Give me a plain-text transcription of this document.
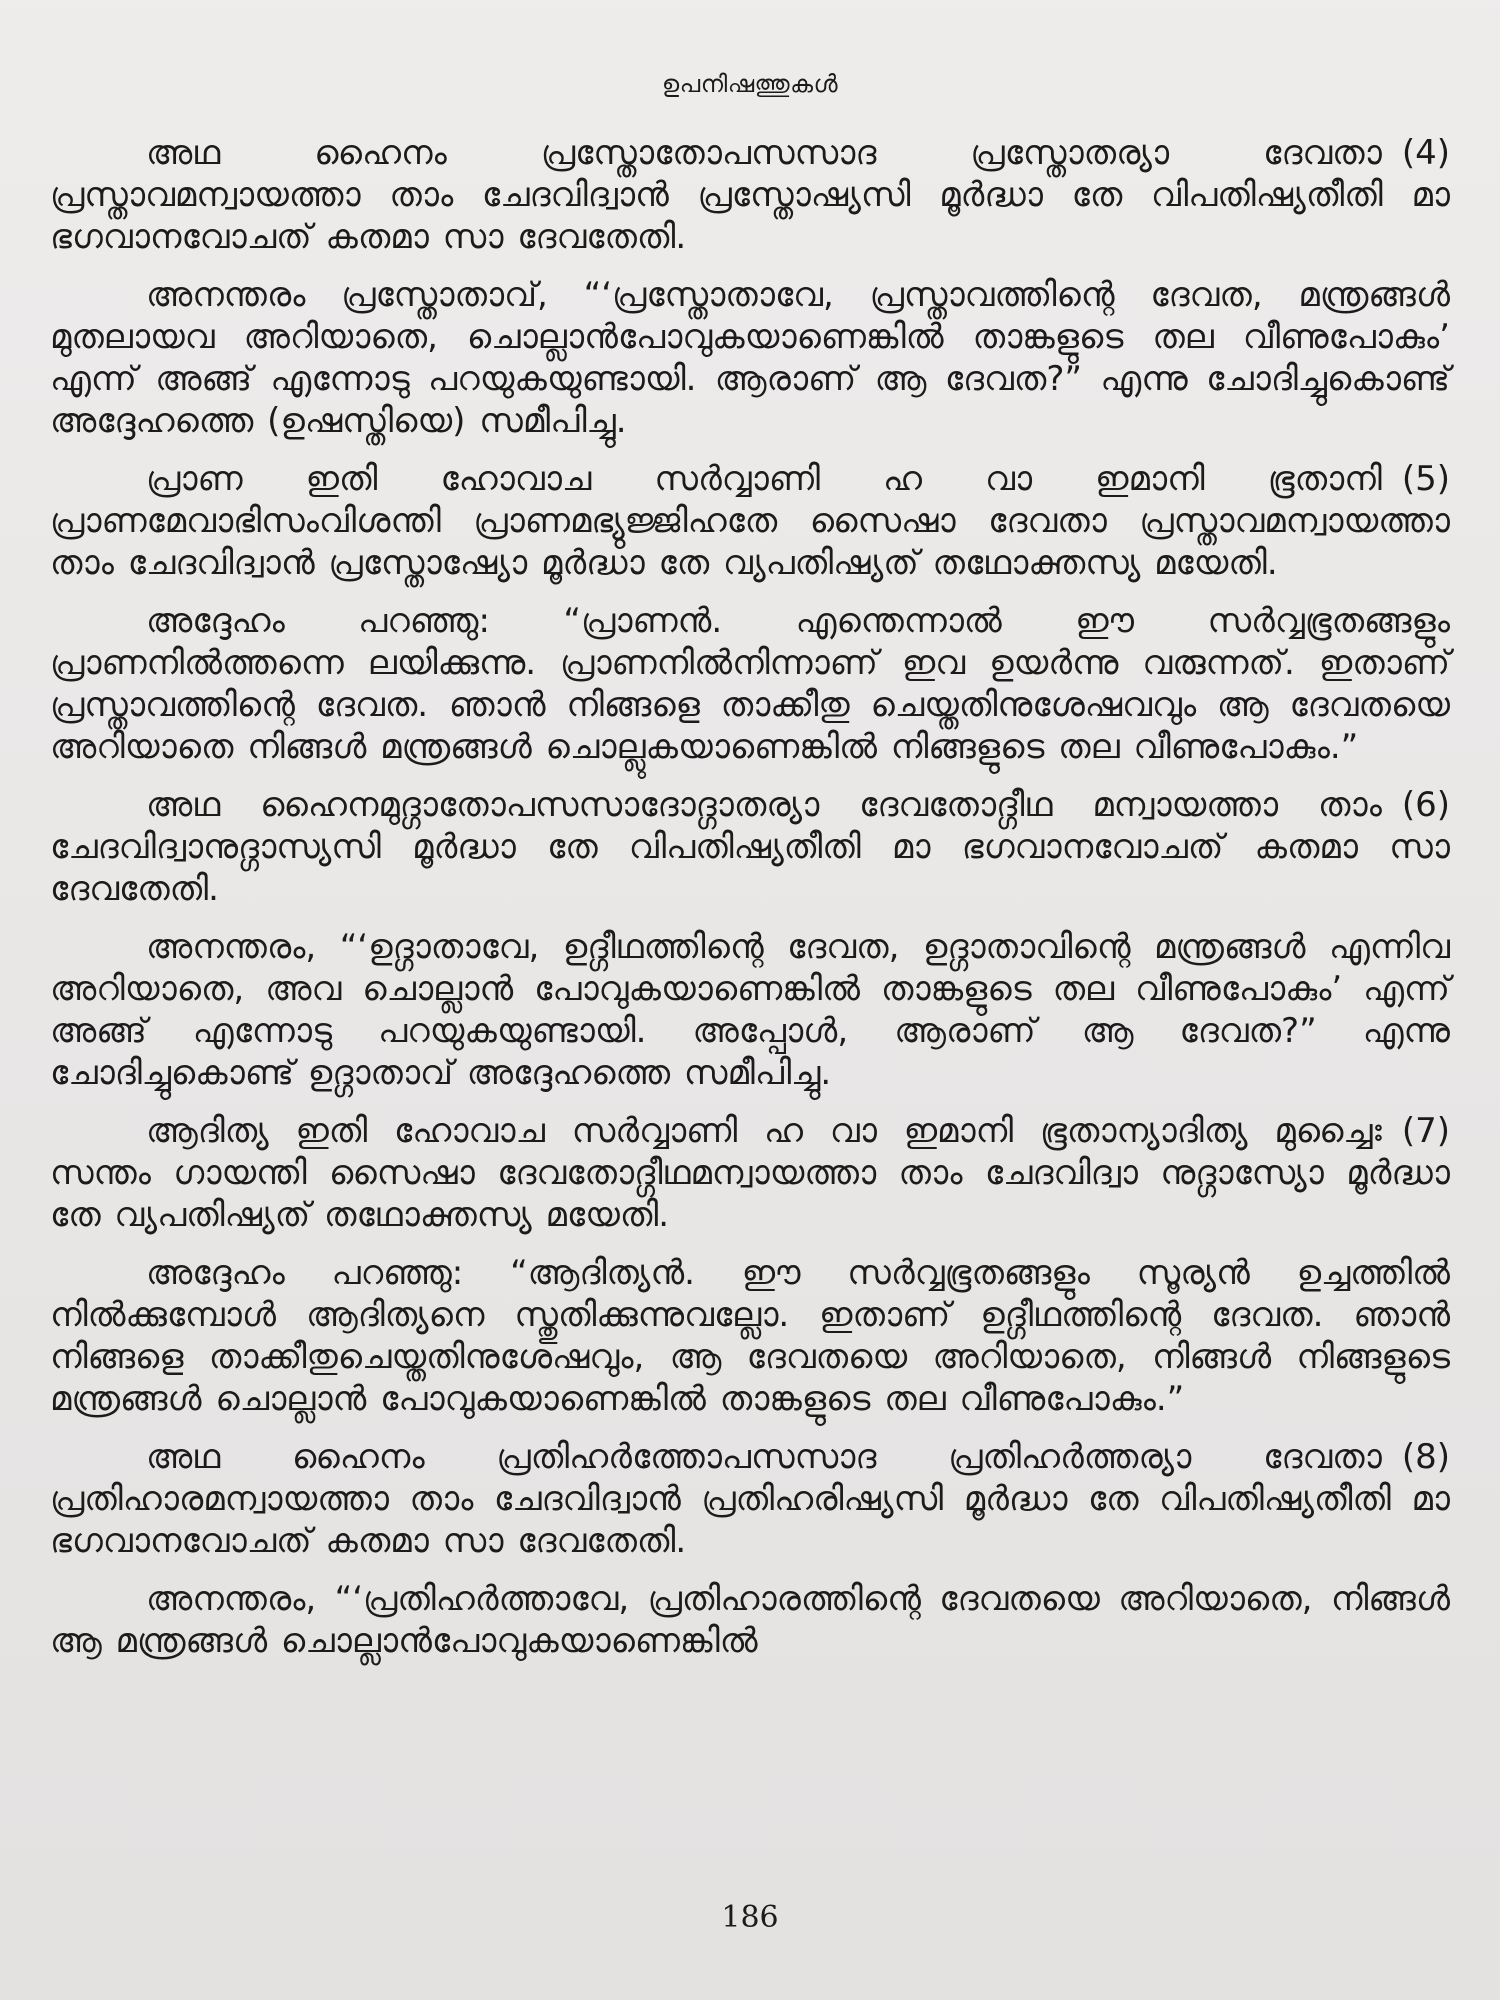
ഉപനിഷത്തുകൾ

(4)
അഥ ഹൈനം പ്രസ്തോതോപസസാദ പ്രസ്തോതര്യാ ദേവതാ പ്രസ്താവമന്വായത്താ താം ചേദവിദ്വാൻ പ്രസ്തോഷ്യസി മൂർദ്ധാ തേ വിപതിഷ്യതീതി മാ ഭഗവാനവോചത് കതമാ സാ ദേവതേതി.

അനന്തരം പ്രസ്തോതാവ്, “‘പ്രസ്തോതാവേ, പ്രസ്താവത്തിന്റെ ദേവത, മന്ത്രങ്ങൾ മുതലായവ അറിയാതെ, ചൊല്ലാൻപോവുകയാണെങ്കിൽ താങ്കളുടെ തല വീണുപോകും’ എന്ന് അങ്ങ് എന്നോടു പറയുകയുണ്ടായി. ആരാണ് ആ ദേവത?” എന്നു ചോദിച്ചുകൊണ്ട് അദ്ദേഹത്തെ (ഉഷസ്തിയെ) സമീപിച്ചു.

(5)
പ്രാണ ഇതി ഹോവാച സർവ്വാണി ഹ വാ ഇമാനി ഭൂതാനി പ്രാണമേവാഭിസംവിശന്തി പ്രാണമഭ്യുജ്ജിഹതേ സൈഷാ ദേവതാ പ്രസ്താവമന്വായത്താ താം ചേദവിദ്വാൻ പ്രസ്തോഷ്യോ മൂർദ്ധാ തേ വ്യപതിഷ്യത് തഥോക്തസ്യ മയേതി.

അദ്ദേഹം പറഞ്ഞു: “പ്രാണൻ. എന്തെന്നാൽ ഈ സർവ്വഭൂതങ്ങളും പ്രാണനിൽത്തന്നെ ലയിക്കുന്നു. പ്രാണനിൽനിന്നാണ് ഇവ ഉയർന്നു വരുന്നത്. ഇതാണ് പ്രസ്താവത്തിന്റെ ദേവത. ഞാൻ നിങ്ങളെ താക്കീതു ചെയ്തതിനുശേഷവവും ആ ദേവതയെ അറിയാതെ നിങ്ങൾ മന്ത്രങ്ങൾ ചൊല്ലുകയാണെങ്കിൽ നിങ്ങളുടെ തല വീണുപോകും.”

(6)
അഥ ഹൈനമുദ്ഗാതോപസസാദോദ്ഗാതര്യാ ദേവതോദ്ഗീഥ മന്വായത്താ താം ചേദവിദ്വാനുദ്ഗാസ്യസി മൂർദ്ധാ തേ വിപതിഷ്യതീതി മാ ഭഗവാനവോചത് കതമാ സാ ദേവതേതി.

അനന്തരം, “‘ഉദ്ഗാതാവേ, ഉദ്ഗീഥത്തിന്റെ ദേവത, ഉദ്ഗാതാവിന്റെ മന്ത്രങ്ങൾ എന്നിവ അറിയാതെ, അവ ചൊല്ലാൻ പോവുകയാണെങ്കിൽ താങ്കളുടെ തല വീണുപോകും’ എന്ന് അങ്ങ് എന്നോടു പറയുകയുണ്ടായി. അപ്പോൾ, ആരാണ് ആ ദേവത?” എന്നു ചോദിച്ചുകൊണ്ട് ഉദ്ഗാതാവ് അദ്ദേഹത്തെ സമീപിച്ചു.

(7)
ആദിത്യ ഇതി ഹോവാച സർവ്വാണി ഹ വാ ഇമാനി ഭൂതാന്യാദിത്യ മുച്ചൈഃ സന്തം ഗായന്തി സൈഷാ ദേവതോദ്ഗീഥമന്വായത്താ താം ചേദവിദ്വാ നുദ്ഗാസ്യോ മൂർദ്ധാ തേ വ്യപതിഷ്യത് തഥോക്തസ്യ മയേതി.

അദ്ദേഹം പറഞ്ഞു: “ആദിത്യൻ. ഈ സർവ്വഭൂതങ്ങളും സൂര്യൻ ഉച്ചത്തിൽ നിൽക്കുമ്പോൾ ആദിത്യനെ സ്തുതിക്കുന്നുവല്ലോ. ഇതാണ് ഉദ്ഗീഥത്തിന്റെ ദേവത. ഞാൻ നിങ്ങളെ താക്കീതുചെയ്തതിനുശേഷവും, ആ ദേവതയെ അറിയാതെ, നിങ്ങൾ നിങ്ങളുടെ മന്ത്രങ്ങൾ ചൊല്ലാൻ പോവുകയാണെങ്കിൽ താങ്കളുടെ തല വീണുപോകും.”

(8)
അഥ ഹൈനം പ്രതിഹർത്തോപസസാദ പ്രതിഹർത്തര്യാ ദേവതാ പ്രതിഹാരമന്വായത്താ താം ചേദവിദ്വാൻ പ്രതിഹരിഷ്യസി മൂർദ്ധാ തേ വിപതിഷ്യതീതി മാ ഭഗവാനവോചത് കതമാ സാ ദേവതേതി.

അനന്തരം, “‘പ്രതിഹർത്താവേ, പ്രതിഹാരത്തിന്റെ ദേവതയെ അറിയാതെ, നിങ്ങൾ ആ മന്ത്രങ്ങൾ ചൊല്ലാൻപോവുകയാണെങ്കിൽ

186
